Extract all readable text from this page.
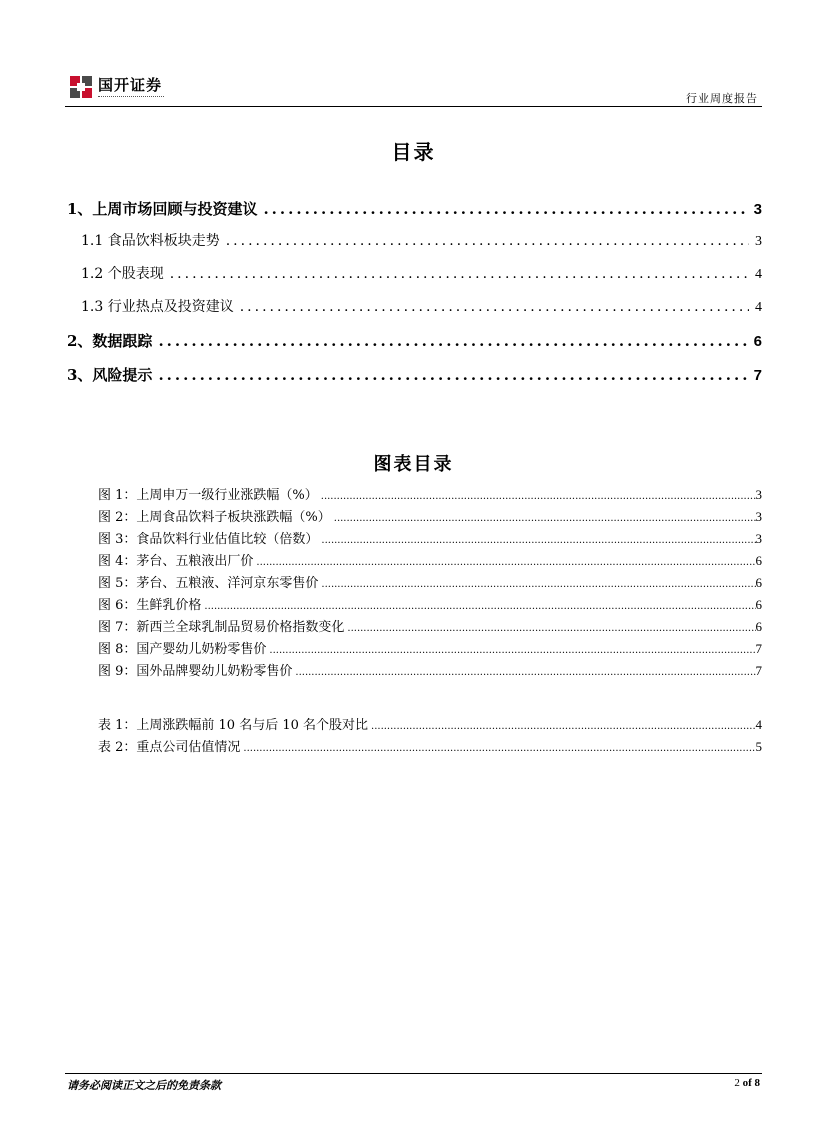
国开证券
行业周度报告
目录
1、上周市场回顾与投资建议 .....	3
1.1 食品饮料板块走势 .....	3
1.2 个股表现 .....	4
1.3 行业热点及投资建议 .....	4
2、数据跟踪 .....	6
3、风险提示 .....	7
图表目录
图 1：上周申万一级行业涨跌幅（%） .....	3
图 2：上周食品饮料子板块涨跌幅（%） .....	3
图 3：食品饮料行业估值比较（倍数） .....	3
图 4：茅台、五粮液出厂价 .....	6
图 5：茅台、五粮液、洋河京东零售价 .....	6
图 6：生鲜乳价格 .....	6
图 7：新西兰全球乳制品贸易价格指数变化 .....	6
图 8：国产婴幼儿奶粉零售价 .....	7
图 9：国外品牌婴幼儿奶粉零售价 .....	7
表 1：上周涨跌幅前 10 名与后 10 名个股对比 .....	4
表 2：重点公司估值情况 .....	5
请务必阅读正文之后的免责条款	2 of 8
